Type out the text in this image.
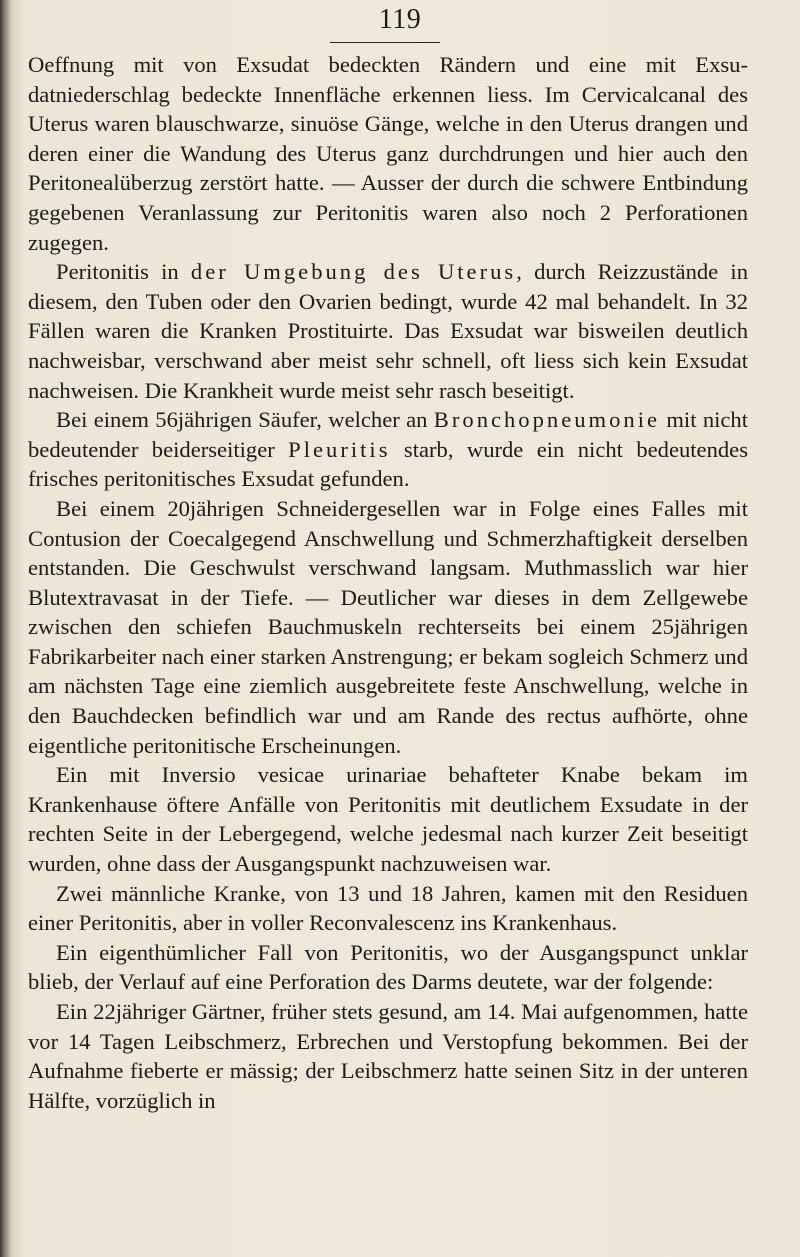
119

Oeffnung mit von Exsudat bedeckten Rändern und eine mit Exsudatniederschlag bedeckte Innenfläche erkennen liess. Im Cervicalcanal des Uterus waren blauschwarze, sinuöse Gänge, welche in den Uterus drangen und deren einer die Wandung des Uterus ganz durchdrungen und hier auch den Peritonealüberzug zerstört hatte. — Ausser der durch die schwere Entbindung gegebenen Veranlassung zur Peritonitis waren also noch 2 Perforationen zugegen.

Peritonitis in der Umgebung des Uterus, durch Reizzustände in diesem, den Tuben oder den Ovarien bedingt, wurde 42 mal behandelt. In 32 Fällen waren die Kranken Prostituirte. Das Exsudat war bisweilen deutlich nachweisbar, verschwand aber meist sehr schnell, oft liess sich kein Exsudat nachweisen. Die Krankheit wurde meist sehr rasch beseitigt.

Bei einem 56jährigen Säufer, welcher an Bronchopneumonie mit nicht bedeutender beiderseitiger Pleuritis starb, wurde ein nicht bedeutendes frisches peritonitisches Exsudat gefunden.

Bei einem 20jährigen Schneidergesellen war in Folge eines Falles mit Contusion der Coecalgegend Anschwellung und Schmerzhaftigkeit derselben entstanden. Die Geschwulst verschwand langsam. Muthmasslich war hier Blutextravasat in der Tiefe. — Deutlicher war dieses in dem Zellgewebe zwischen den schiefen Bauchmuskeln rechterseits bei einem 25jährigen Fabrikarbeiter nach einer starken Anstrengung; er bekam sogleich Schmerz und am nächsten Tage eine ziemlich ausgebreitete feste Anschwellung, welche in den Bauchdecken befindlich war und am Rande des rectus aufhörte, ohne eigentliche peritonitische Erscheinungen.

Ein mit Inversio vesicae urinariae behafteter Knabe bekam im Krankenhause öftere Anfälle von Peritonitis mit deutlichem Exsudate in der rechten Seite in der Lebergegend, welche jedesmal nach kurzer Zeit beseitigt wurden, ohne dass der Ausgangspunkt nachzuweisen war.

Zwei männliche Kranke, von 13 und 18 Jahren, kamen mit den Residuen einer Peritonitis, aber in voller Reconvalescenz ins Krankenhaus.

Ein eigenthümlicher Fall von Peritonitis, wo der Ausgangspunct unklar blieb, der Verlauf auf eine Perforation des Darms deutete, war der folgende:

Ein 22jähriger Gärtner, früher stets gesund, am 14. Mai aufgenommen, hatte vor 14 Tagen Leibschmerz, Erbrechen und Verstopfung bekommen. Bei der Aufnahme fieberte er mässig; der Leibschmerz hatte seinen Sitz in der unteren Hälfte, vorzüglich in
